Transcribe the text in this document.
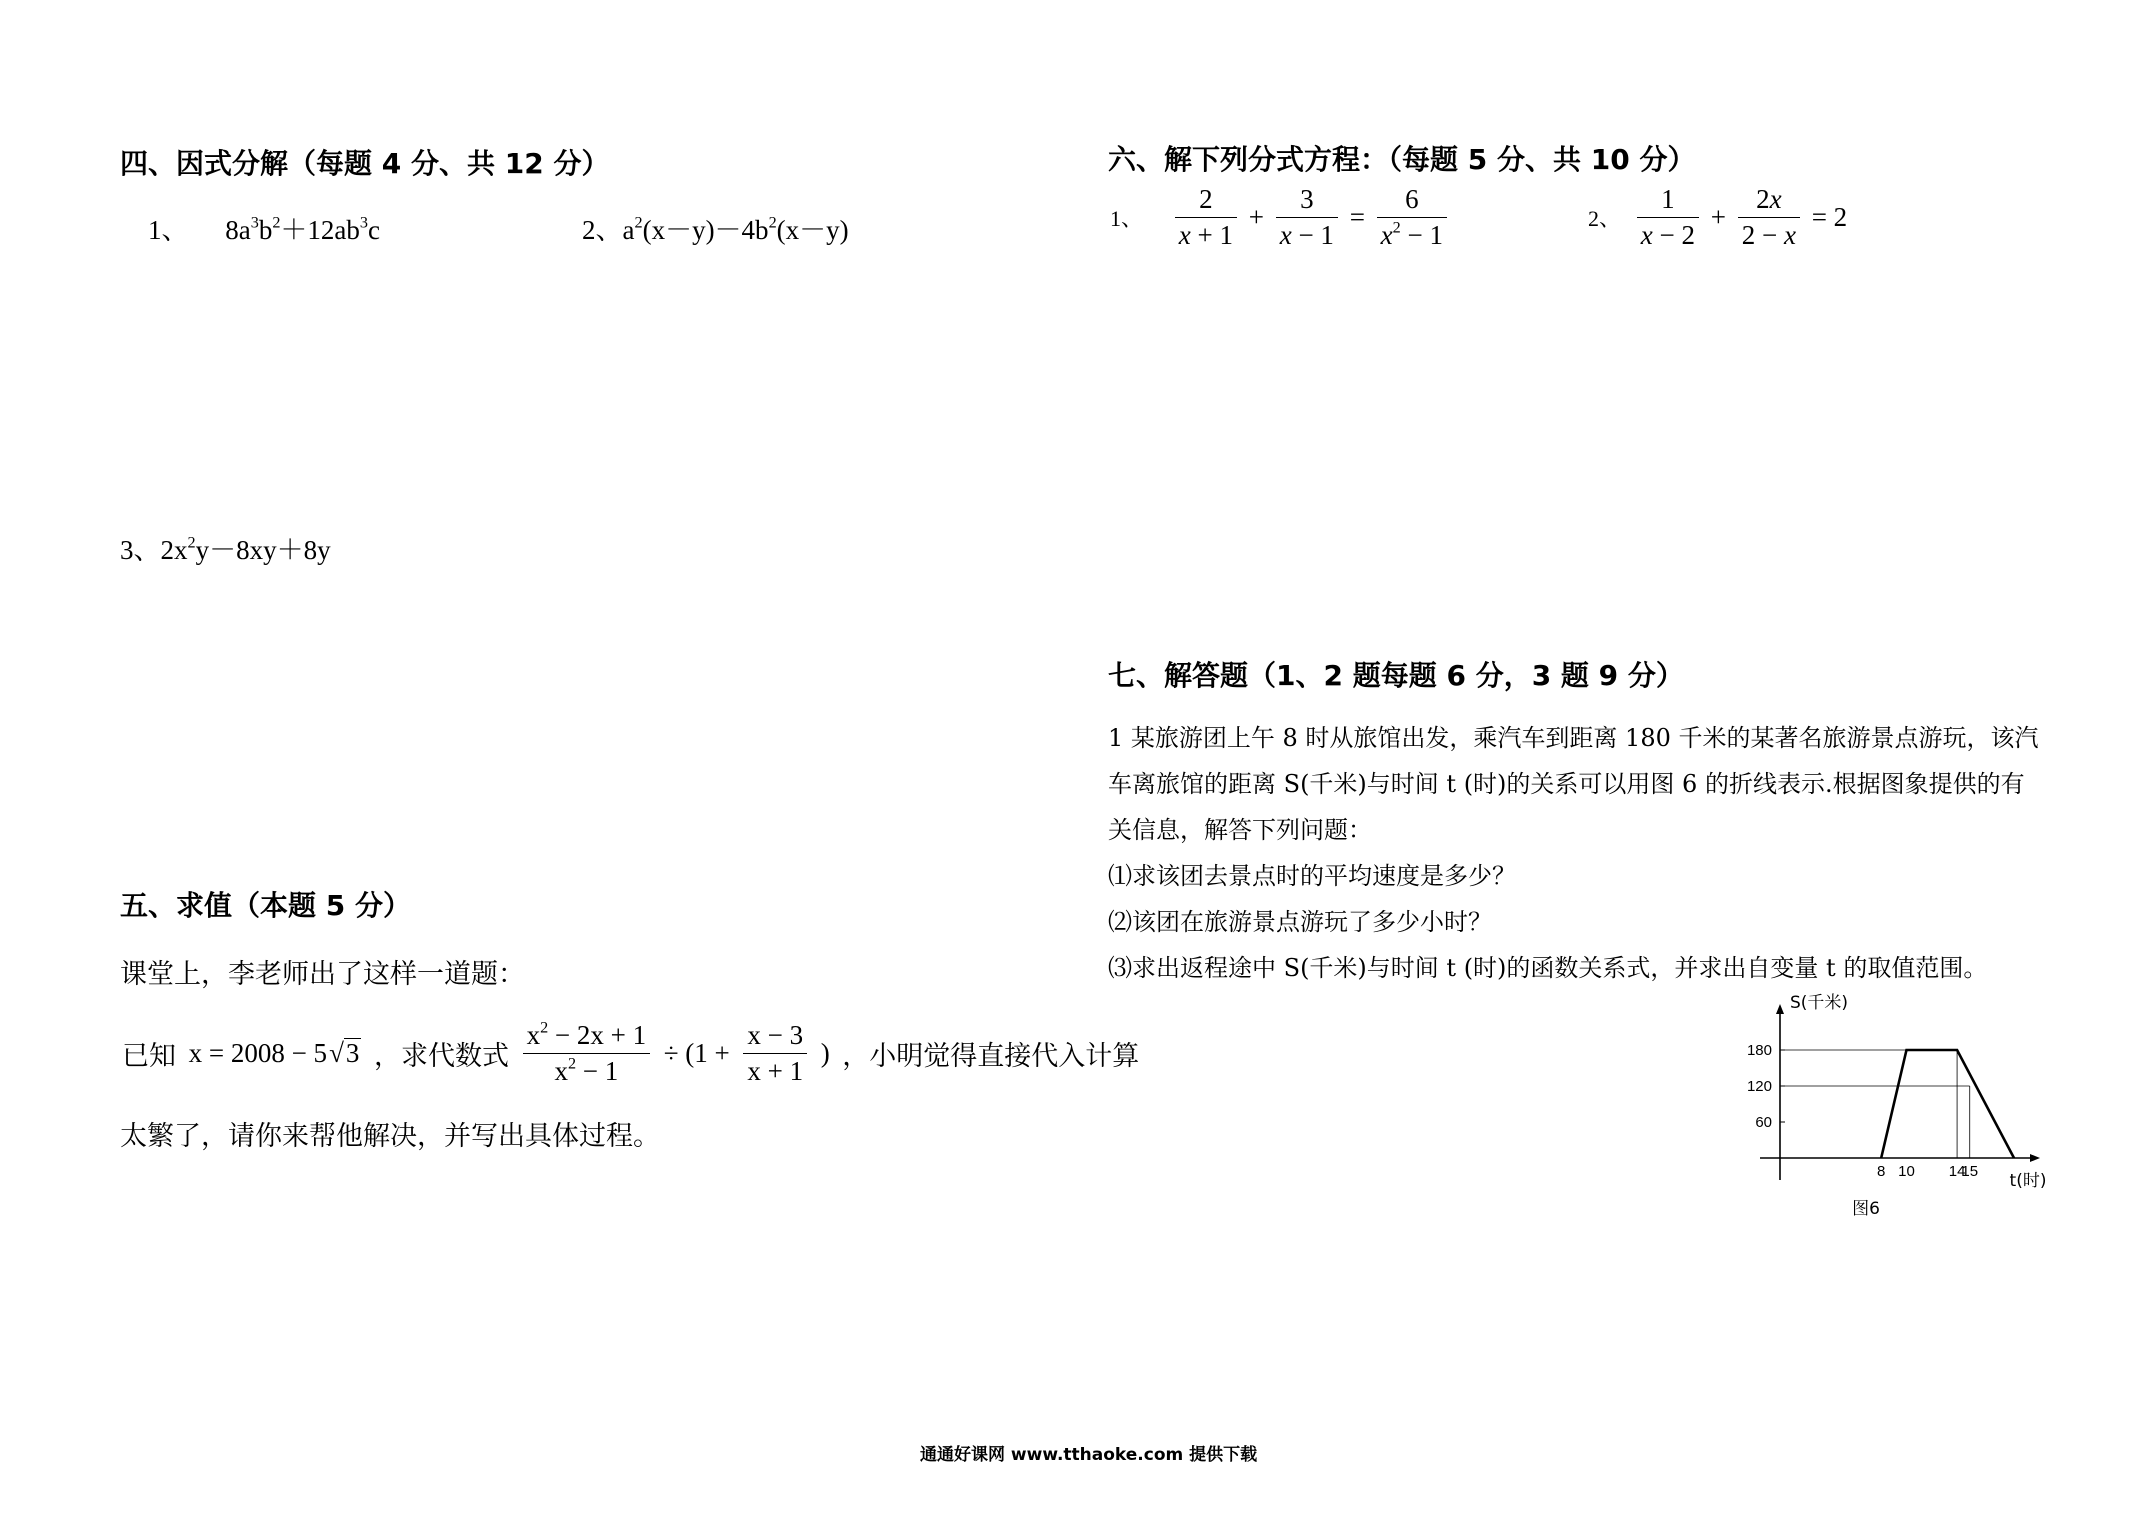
四、因式分解（每题 4 分、共 12 分）
1、 $8a^3b^2+12ab^3c$	2、$a^2(x-y)-4b^2(x-y)$
3、$2x^2y-8xy+8y$
五、求值（本题 5 分）
课堂上，李老师出了这样一道题：
已知 x = 2008 − 5√3 ，求代数式 $\frac{x^2 - 2x + 1}{x^2 - 1} \div (1 + \frac{x - 3}{x + 1}$ ) ，小明觉得直接代入计算
太繁了，请你来帮他解决，并写出具体过程。
六、解下列分式方程：（每题 5 分、共 10 分）
1、 $\frac{2}{x + 1} + \frac{3}{x - 1} = \frac{6}{x^2 - 1}$	2、 $\frac{1}{x - 2} + \frac{2x}{2 - x} = 2$
七、解答题（1、2 题每题 6 分，3 题 9 分）
1 某旅游团上午 8 时从旅馆出发，乘汽车到距离 180 千米的某著名旅游景点游玩，该汽
车离旅馆的距离 S(千米)与时间 t (时)的关系可以用图 6 的折线表示.根据图象提供的有
关信息，解答下列问题：
⑴求该团去景点时的平均速度是多少？
⑵该团在旅游景点游玩了多少小时？
⑶求出返程途中 S(千米)与时间 t (时)的函数关系式，并求出自变量 t 的取值范围。
60
120
180
8 10 14
15
S(千米)
t(时)
图6
通通好课网 www.tthaoke.com 提供下载
